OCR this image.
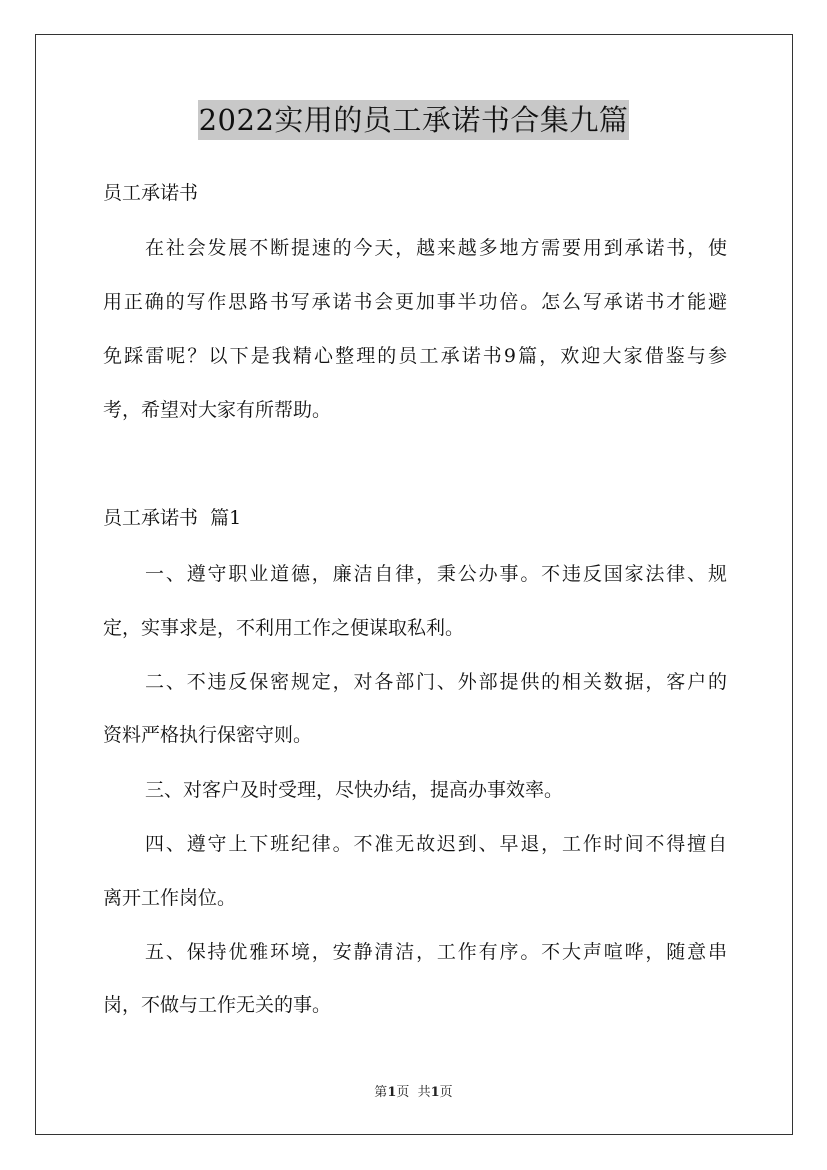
2022实用的员工承诺书合集九篇
员工承诺书
在社会发展不断提速的今天，越来越多地方需要用到承诺书，使
用正确的写作思路书写承诺书会更加事半功倍。怎么写承诺书才能避
免踩雷呢？以下是我精心整理的员工承诺书9篇，欢迎大家借鉴与参
考，希望对大家有所帮助。
员工承诺书  篇1
一、遵守职业道德，廉洁自律，秉公办事。不违反国家法律、规
定，实事求是，不利用工作之便谋取私利。
二、不违反保密规定，对各部门、外部提供的相关数据，客户的
资料严格执行保密守则。
三、对客户及时受理，尽快办结，提高办事效率。
四、遵守上下班纪律。不准无故迟到、早退，工作时间不得擅自
离开工作岗位。
五、保持优雅环境，安静清洁，工作有序。不大声喧哗，随意串
岗，不做与工作无关的事。
第1页  共1页
